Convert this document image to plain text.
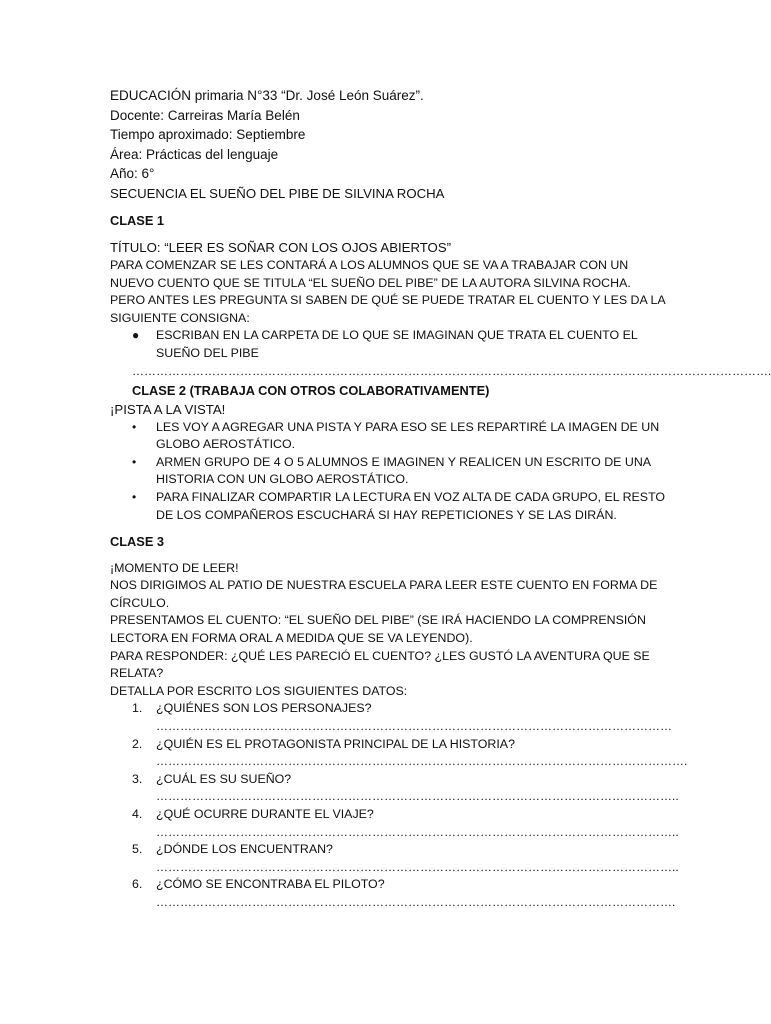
EDUCACIÓN primaria N°33 “Dr. José León Suárez”.
Docente: Carreiras María Belén
Tiempo aproximado: Septiembre
Área: Prácticas del lenguaje
Año: 6°
SECUENCIA EL SUEÑO DEL PIBE DE SILVINA ROCHA
CLASE 1
TÍTULO: “LEER ES SOÑAR CON LOS OJOS ABIERTOS”
PARA COMENZAR SE LES CONTARÁ A LOS ALUMNOS QUE SE VA A TRABAJAR CON UN NUEVO CUENTO QUE SE TITULA “EL SUEÑO DEL PIBE” DE LA AUTORA SILVINA ROCHA.
PERO ANTES LES PREGUNTA SI SABEN DE QUÉ SE PUEDE TRATAR EL CUENTO Y LES DA LA SIGUIENTE CONSIGNA:
● ESCRIBAN EN LA CARPETA DE LO QUE SE IMAGINAN QUE TRATA EL CUENTO EL SUEÑO DEL PIBE
…………………………………………………………………………………………………………………………………………….
CLASE 2 (TRABAJA CON OTROS COLABORATIVAMENTE)
¡PISTA A LA VISTA!
• LES VOY A AGREGAR UNA PISTA Y PARA ESO SE LES REPARTIRÉ LA IMAGEN DE UN GLOBO AEROSTÁTICO.
• ARMEN GRUPO DE 4 O 5 ALUMNOS E IMAGINEN Y REALICEN UN ESCRITO DE UNA HISTORIA CON UN GLOBO AEROSTÁTICO.
• PARA FINALIZAR COMPARTIR LA LECTURA EN VOZ ALTA DE CADA GRUPO, EL RESTO DE LOS COMPAÑEROS ESCUCHARÁ SI HAY REPETICIONES Y SE LAS DIRÁN.
CLASE 3
¡MOMENTO DE LEER!
NOS DIRIGIMOS AL PATIO DE NUESTRA ESCUELA PARA LEER ESTE CUENTO EN FORMA DE CÍRCULO.
PRESENTAMOS EL CUENTO: “EL SUEÑO DEL PIBE” (SE IRÁ HACIENDO LA COMPRENSIÓN LECTORA EN FORMA ORAL A MEDIDA QUE SE VA LEYENDO).
PARA RESPONDER: ¿QUÉ LES PARECIÓ EL CUENTO? ¿LES GUSTÓ LA AVENTURA QUE SE RELATA?
DETALLA POR ESCRITO LOS SIGUIENTES DATOS:
1. ¿QUIÉNES SON LOS PERSONAJES?
…………………………………………………………………………………………………………………
2. ¿QUIÉN ES EL PROTAGONISTA PRINCIPAL DE LA HISTORIA?
…………………………………………………………………………………………………………………….
3. ¿CUÁL ES SU SUEÑO?
…………………………………………………………………………………………………………………..
4. ¿QUÉ OCURRE DURANTE EL VIAJE?
…………………………………………………………………………………………………………………..
5. ¿DÓNDE LOS ENCUENTRAN?
…………………………………………………………………………………………………………………..
6. ¿CÓMO SE ENCONTRABA EL PILOTO?
………………………………………………………………………………………………………………….
